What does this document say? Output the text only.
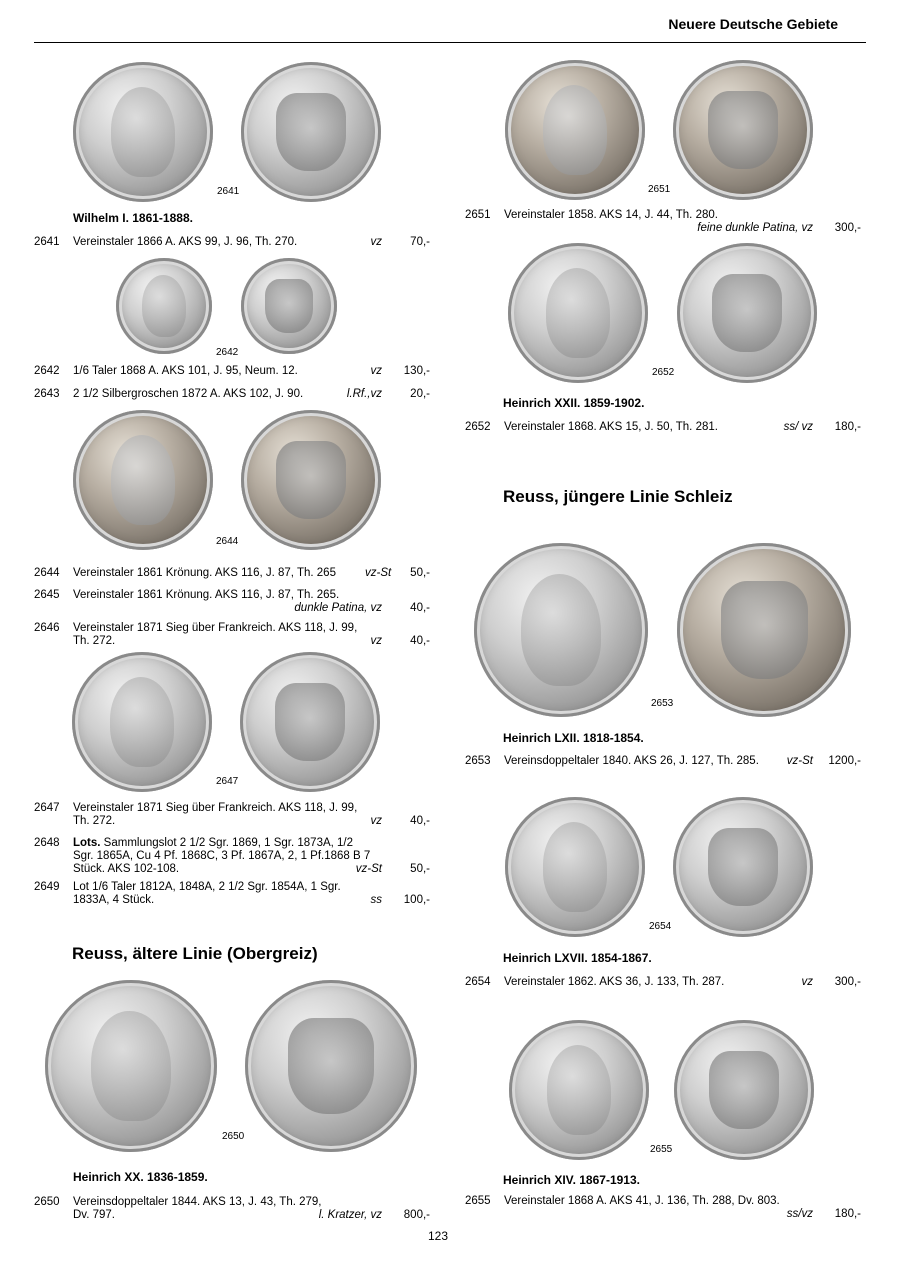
Neuere Deutsche Gebiete
2641
Wilhelm I. 1861-1888.
2641 Vereinstaler 1866 A. AKS 99, J. 96, Th. 270.	vz 70,-
2642
2642 1/6 Taler 1868 A. AKS 101, J. 95, Neum. 12.	vz 130,-
2643 2 1/2 Silbergroschen 1872 A. AKS 102, J. 90.	l.Rf.,vz 20,-
2644
2644 Vereinstaler 1861 Krönung. AKS 116, J. 87, Th. 265	vz-St 50,-
2645 Vereinstaler 1861 Krönung. AKS 116, J. 87, Th. 265.
dunkle Patina, vz 40,-
2646 Vereinstaler 1871 Sieg über Frankreich. AKS 118, J. 99,
Th. 272.	vz 40,-
2647
2647 Vereinstaler 1871 Sieg über Frankreich. AKS 118, J. 99,
Th. 272.	vz 40,-
2648 Lots. Sammlungslot 2 1/2 Sgr. 1869, 1 Sgr. 1873A, 1/2
Sgr. 1865A, Cu 4 Pf. 1868C, 3 Pf. 1867A, 2, 1 Pf.1868 B 7
Stück. AKS 102-108.	vz-St 50,-
2649 Lot 1/6 Taler 1812A, 1848A, 2 1/2 Sgr. 1854A, 1 Sgr.
1833A, 4 Stück.	ss 100,-
Reuss, ältere Linie (Obergreiz)
2650
Heinrich XX. 1836-1859.
2650 Vereinsdoppeltaler 1844. AKS 13, J. 43, Th. 279,
Dv. 797.	l. Kratzer, vz 800,-
2651
2651 Vereinstaler 1858. AKS 14, J. 44, Th. 280.
feine dunkle Patina, vz 300,-
2652
Heinrich XXII. 1859-1902.
2652 Vereinstaler 1868. AKS 15, J. 50, Th. 281.	ss/ vz 180,-
Reuss, jüngere Linie Schleiz
2653
Heinrich LXII. 1818-1854.
2653 Vereinsdoppeltaler 1840. AKS 26, J. 127, Th. 285. vz-St 1200,-
2654
Heinrich LXVII. 1854-1867.
2654 Vereinstaler 1862. AKS 36, J. 133, Th. 287.	vz 300,-
2655
Heinrich XIV. 1867-1913.
2655 Vereinstaler 1868 A. AKS 41, J. 136, Th. 288, Dv. 803.
ss/vz 180,-
123
